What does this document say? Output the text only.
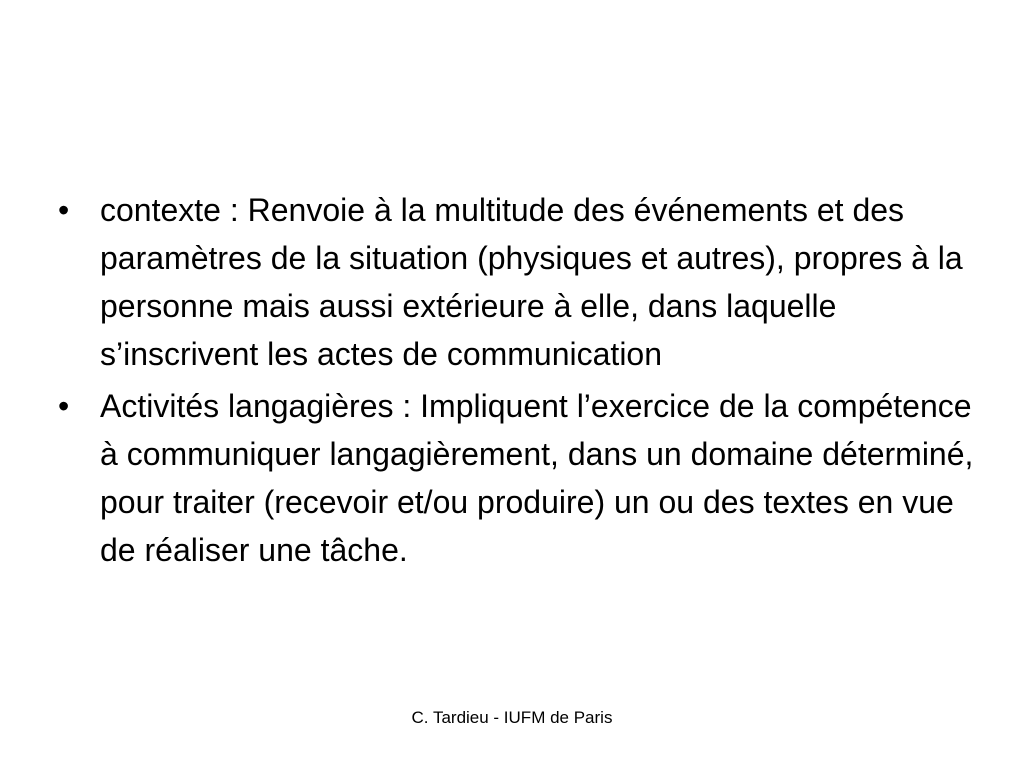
• contexte : Renvoie à la multitude des événements et des paramètres de la situation (physiques et autres), propres à la personne mais aussi extérieure à elle, dans laquelle s’inscrivent les actes de communication
• Activités langagières : Impliquent l’exercice de la compétence à communiquer langagièrement, dans un domaine déterminé, pour traiter (recevoir et/ou produire) un ou des textes en vue de réaliser une tâche.
C. Tardieu - IUFM de Paris
